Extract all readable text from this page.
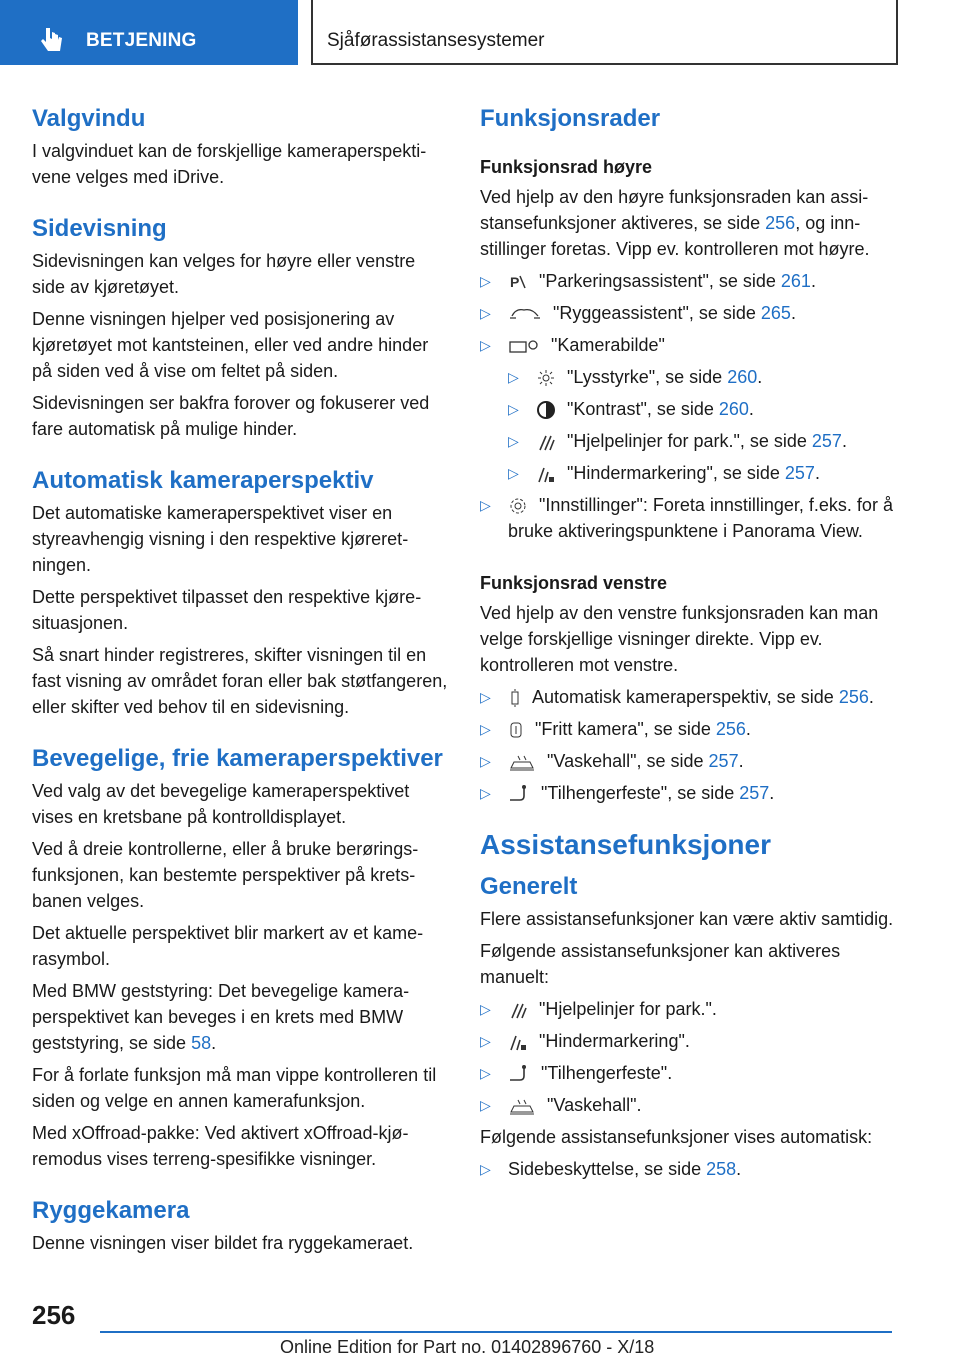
BETJENING	Sjåførassistansesystemer
Valgvindu

I valgvinduet kan de forskjellige kameraperspektivene velges med iDrive.

Sidevisning

Sidevisningen kan velges for høyre eller venstre side av kjøretøyet.

Denne visningen hjelper ved posisjonering av kjøretøyet mot kantsteinen, eller ved andre hinder på siden ved å vise om feltet på siden.

Sidevisningen ser bakfra forover og fokuserer ved fare automatisk på mulige hinder.

Automatisk kameraperspektiv

Det automatiske kameraperspektivet viser en styreavhengig visning i den respektive kjøreretningen.

Dette perspektivet tilpasset den respektive kjøresituasjonen.

Så snart hinder registreres, skifter visningen til en fast visning av området foran eller bak støtfangeren, eller skifter ved behov til en sidevisning.

Bevegelige, frie kameraperspektiver

Ved valg av det bevegelige kameraperspektivet vises en kretsbane på kontrolldisplayet.

Ved å dreie kontrollerne, eller å bruke berøringsfunksjonen, kan bestemte perspektiver på kretsbanen velges.

Det aktuelle perspektivet blir markert av et kamerasymbol.

Med BMW geststyring: Det bevegelige kameraperspektivet kan beveges i en krets med BMW geststyring, se side 58.

For å forlate funksjon må man vippe kontrolleren til siden og velge en annen kamerafunksjon.

Med xOffroad-pakke: Ved aktivert xOffroad-kjøremodus vises terreng-spesifikke visninger.

Ryggekamera

Denne visningen viser bildet fra ryggekameraet.

Funksjonsrader
Funksjonsrad høyre

Ved hjelp av den høyre funksjonsraden kan assistansefunksjoner aktiveres, se side 256, og innstillinger foretas. Vipp ev. kontrolleren mot høyre.

▷ P "Parkeringsassistent", se side 261.
▷	"Ryggeassistent", se side 265.
▷	"Kamerabilde"
▷	"Lysstyrke", se side 260.
▷	"Kontrast", se side 260.
▷	"Hjelpelinjer for park.", se side 257.
▷	"Hindermarkering", se side 257.
▷	"Innstillinger": Foreta innstillinger, f.eks. for å bruke aktiveringspunktene i Panorama View.
Funksjonsrad venstre

Ved hjelp av den venstre funksjonsraden kan man velge forskjellige visninger direkte. Vipp ev. kontrolleren mot venstre.

▷ Automatisk kameraperspektiv, se side 256.
▷ "Fritt kamera", se side 256.
▷	"Vaskehall", se side 257.
▷	"Tilhengerfeste", se side 257.
Assistansefunksjoner
Generelt

Flere assistansefunksjoner kan være aktiv samtidig.

Følgende assistansefunksjoner kan aktiveres manuelt:

▷	"Hjelpelinjer for park.".
▷	"Hindermarkering".
▷	"Tilhengerfeste".
▷	"Vaskehall".

Følgende assistansefunksjoner vises automatisk:

▷ Sidebeskyttelse, se side 258.
256
Online Edition for Part no. 01402896760 - X/18
